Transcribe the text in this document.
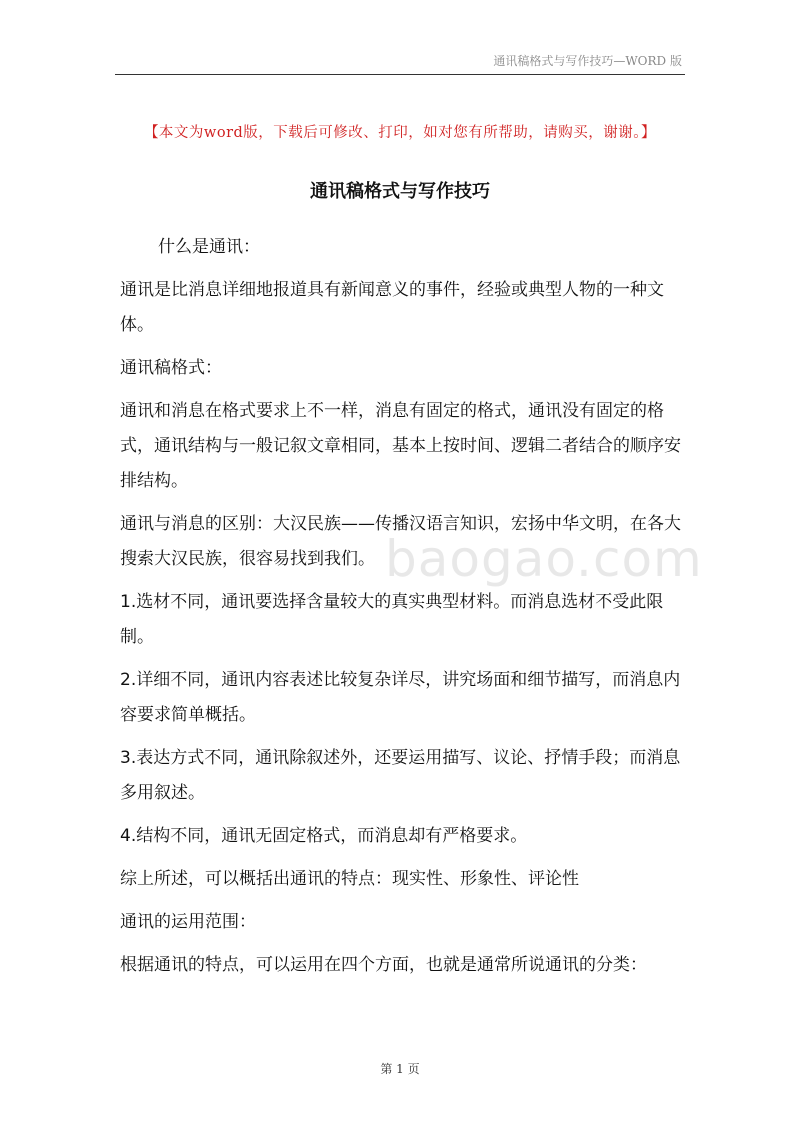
通讯稿格式与写作技巧—WORD 版
【本文为word版，下载后可修改、打印，如对您有所帮助，请购买，谢谢。】
通讯稿格式与写作技巧

什么是通讯：

通讯是比消息详细地报道具有新闻意义的事件，经验或典型人物的一种文体。

通讯稿格式：

通讯和消息在格式要求上不一样，消息有固定的格式，通讯没有固定的格式，通讯结构与一般记叙文章相同，基本上按时间、逻辑二者结合的顺序安排结构。

通讯与消息的区别：大汉民族——传播汉语言知识，宏扬中华文明，在各大搜索大汉民族，很容易找到我们。

1.选材不同，通讯要选择含量较大的真实典型材料。而消息选材不受此限制。

2.详细不同，通讯内容表述比较复杂详尽，讲究场面和细节描写，而消息内容要求简单概括。

3.表达方式不同，通讯除叙述外，还要运用描写、议论、抒情手段；而消息多用叙述。

4.结构不同，通讯无固定格式，而消息却有严格要求。

综上所述，可以概括出通讯的特点：现实性、形象性、评论性

通讯的运用范围：

根据通讯的特点，可以运用在四个方面，也就是通常所说通讯的分类：

baogao.com
第 1 页
